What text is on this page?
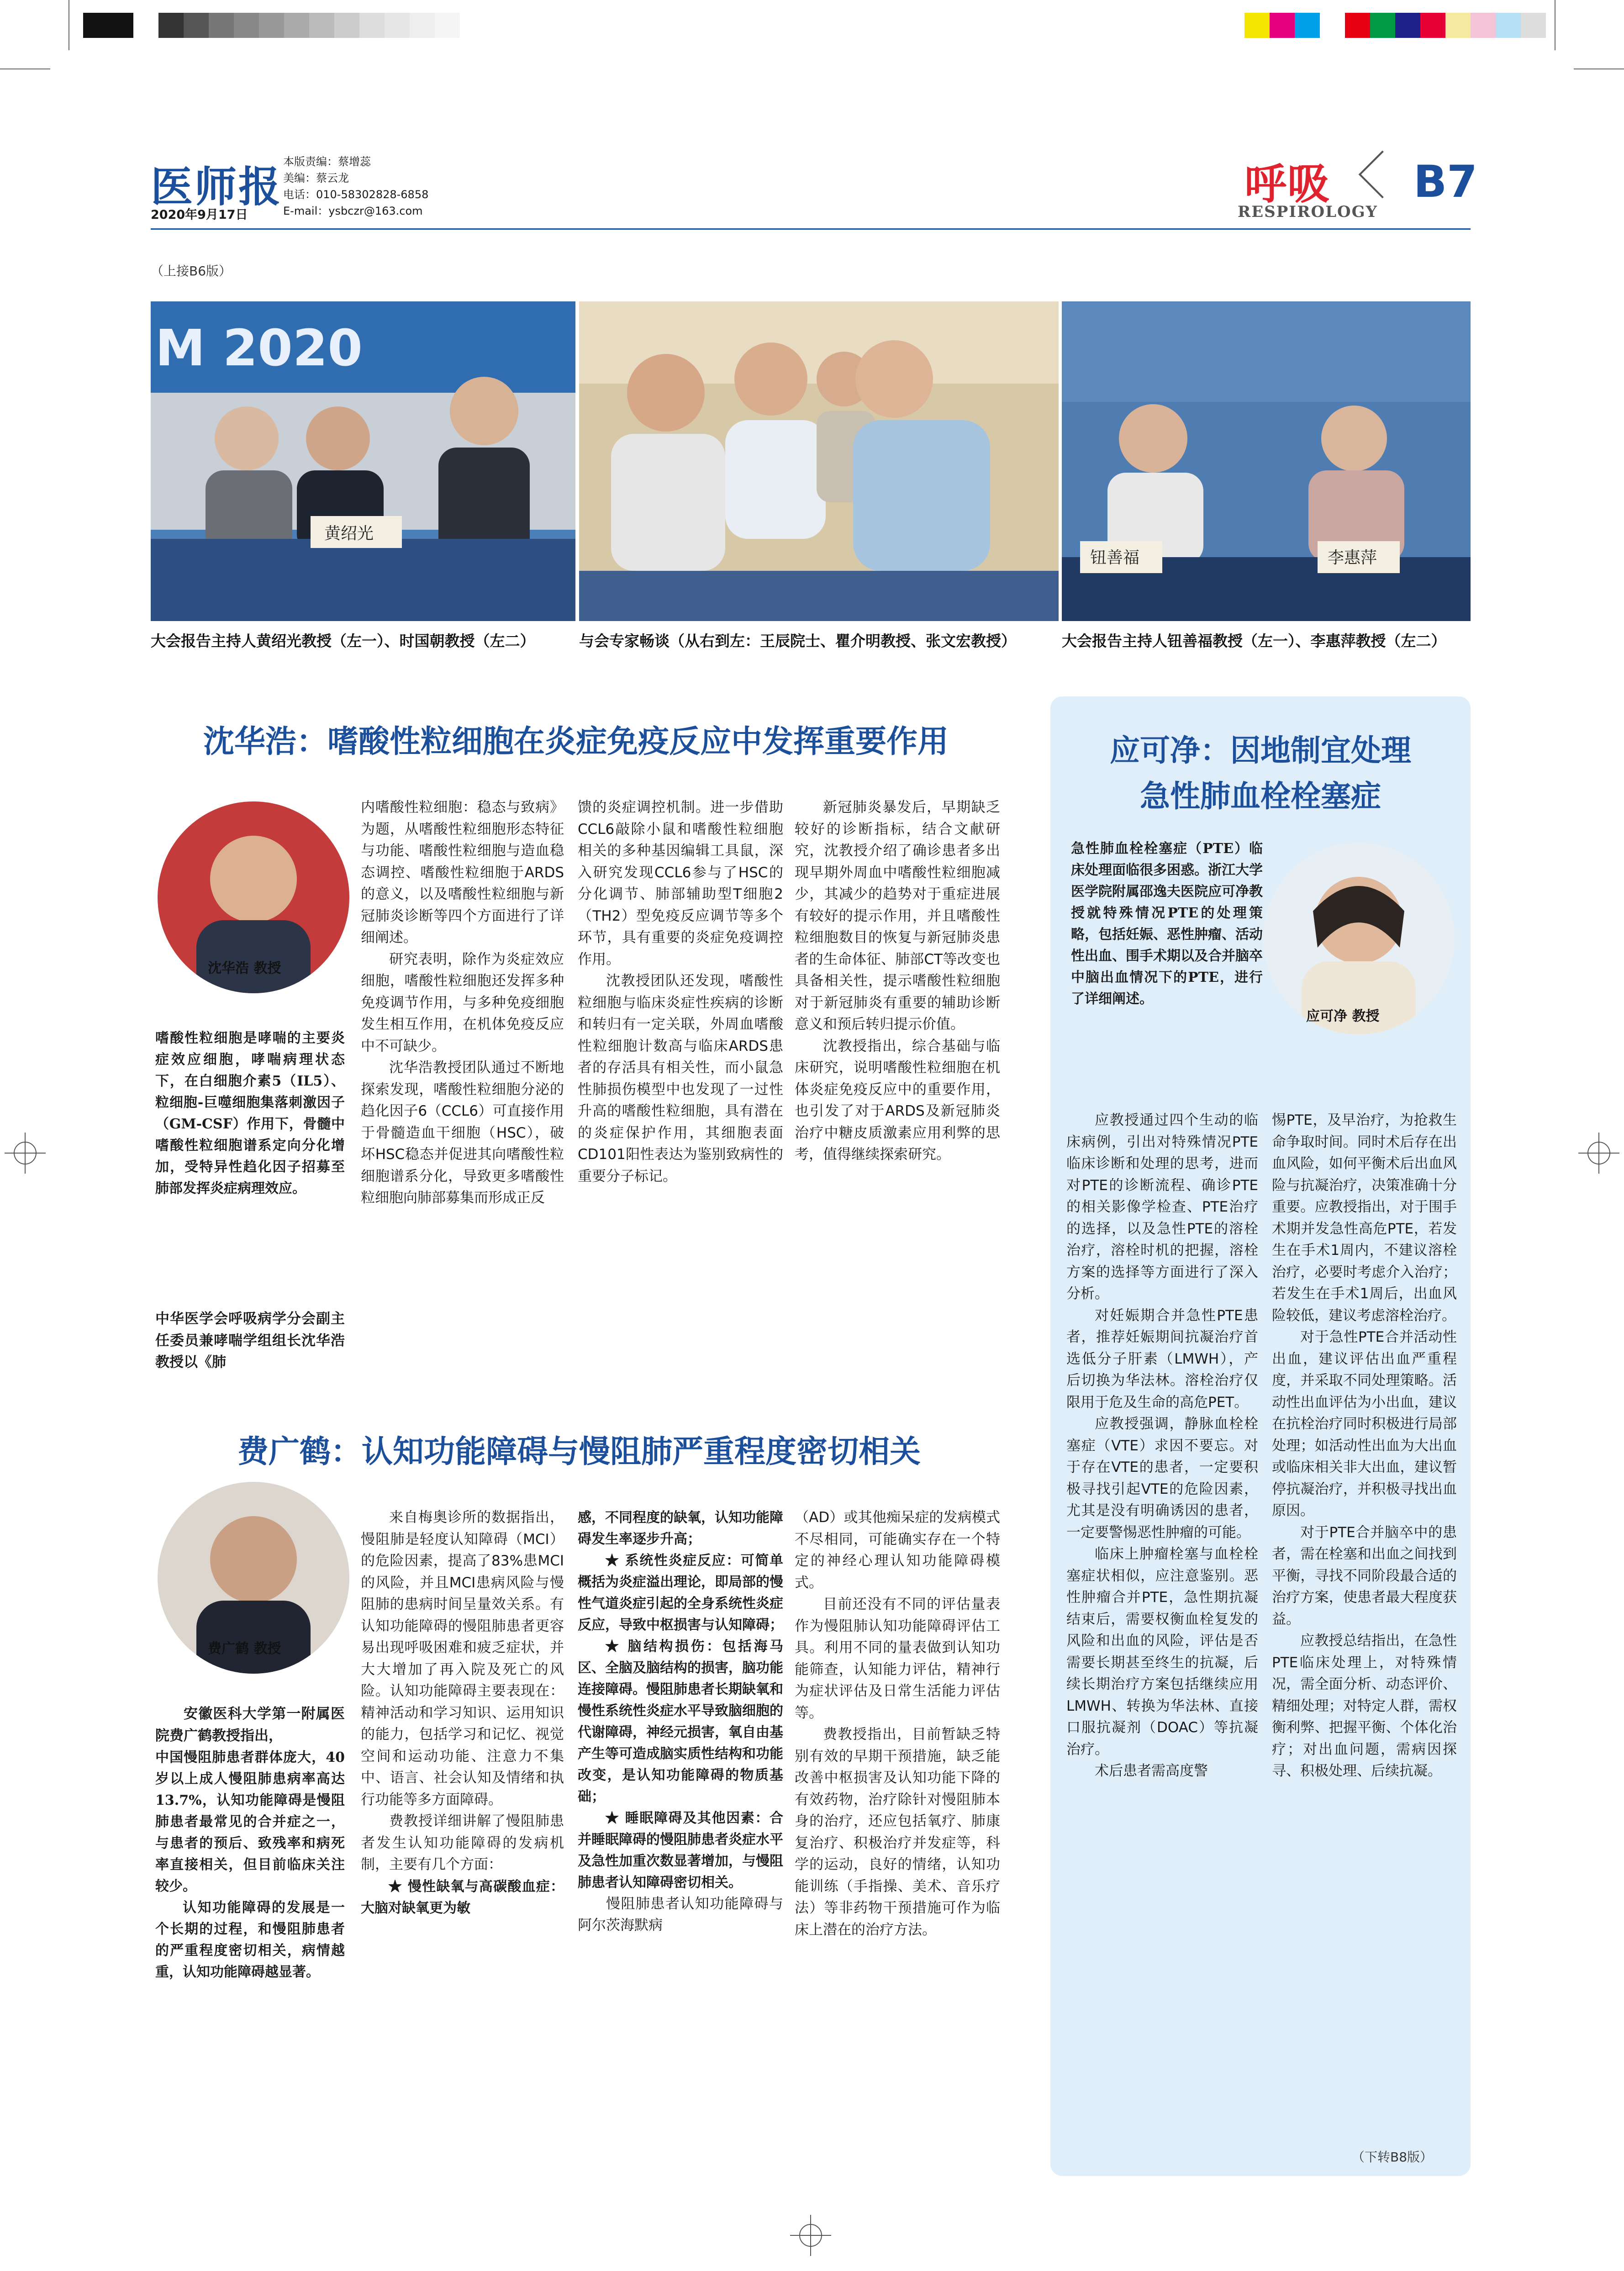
医师报
2020年9月17日
本版责编：蔡增蕊
美编：蔡云龙
电话：010-58302828-6858
E-mail：ysbczr@163.com
呼吸
RESPIROLOGY
B7
（上接B6版）
M 2020
黄绍光
钮善福	李惠萍
大会报告主持人黄绍光教授（左一）、时国朝教授（左二）	与会专家畅谈（从右到左：王辰院士、瞿介明教授、张文宏教授）	大会报告主持人钮善福教授（左一）、李惠萍教授（左二）
沈华浩：嗜酸性粒细胞在炎症免疫反应中发挥重要作用
沈华浩 教授
嗜酸性粒细胞是哮喘的主要炎症效应细胞，哮喘病理状态下，在白细胞介素5（IL5）、粒细胞-巨噬细胞集落刺激因子（GM-CSF）作用下，骨髓中嗜酸性粒细胞谱系定向分化增加，受特异性趋化因子招募至肺部发挥炎症病理效应。
中华医学会呼吸病学分会副主任委员兼哮喘学组组长沈华浩教授以《肺

内嗜酸性粒细胞：稳态与致病》为题，从嗜酸性粒细胞形态特征与功能、嗜酸性粒细胞与造血稳态调控、嗜酸性粒细胞于ARDS的意义，以及嗜酸性粒细胞与新冠肺炎诊断等四个方面进行了详细阐述。

研究表明，除作为炎症效应细胞，嗜酸性粒细胞还发挥多种免疫调节作用，与多种免疫细胞发生相互作用，在机体免疫反应中不可缺少。

沈华浩教授团队通过不断地探索发现，嗜酸性粒细胞分泌的趋化因子6（CCL6）可直接作用于骨髓造血干细胞（HSC），破坏HSC稳态并促进其向嗜酸性粒细胞谱系分化，导致更多嗜酸性粒细胞向肺部募集而形成正反

馈的炎症调控机制。进一步借助CCL6敲除小鼠和嗜酸性粒细胞相关的多种基因编辑工具鼠，深入研究发现CCL6参与了HSC的分化调节、肺部辅助型T细胞2（TH2）型免疫反应调节等多个环节，具有重要的炎症免疫调控作用。

沈教授团队还发现，嗜酸性粒细胞与临床炎症性疾病的诊断和转归有一定关联，外周血嗜酸性粒细胞计数高与临床ARDS患者的存活具有相关性，而小鼠急性肺损伤模型中也发现了一过性升高的嗜酸性粒细胞，具有潜在的炎症保护作用，其细胞表面CD101阳性表达为鉴别致病性的重要分子标记。

新冠肺炎暴发后，早期缺乏较好的诊断指标，结合文献研究，沈教授介绍了确诊患者多出现早期外周血中嗜酸性粒细胞减少，其减少的趋势对于重症进展有较好的提示作用，并且嗜酸性粒细胞数目的恢复与新冠肺炎患者的生命体征、肺部CT等改变也具备相关性，提示嗜酸性粒细胞对于新冠肺炎有重要的辅助诊断意义和预后转归提示价值。

沈教授指出，综合基础与临床研究，说明嗜酸性粒细胞在机体炎症免疫反应中的重要作用，也引发了对于ARDS及新冠肺炎治疗中糖皮质激素应用利弊的思考，值得继续探索研究。

费广鹤：认知功能障碍与慢阻肺严重程度密切相关
费广鹤 教授

安徽医科大学第一附属医院费广鹤教授指出，

中国慢阻肺患者群体庞大，40岁以上成人慢阻肺患病率高达13.7%，认知功能障碍是慢阻肺患者最常见的合并症之一，与患者的预后、致残率和病死率直接相关，但目前临床关注较少。

认知功能障碍的发展是一个长期的过程，和慢阻肺患者的严重程度密切相关，病情越重，认知功能障碍越显著。

来自梅奥诊所的数据指出，慢阻肺是轻度认知障碍（MCI）的危险因素，提高了83%患MCI的风险，并且MCI患病风险与慢阻肺的患病时间呈量效关系。有认知功能障碍的慢阻肺患者更容易出现呼吸困难和疲乏症状，并大大增加了再入院及死亡的风险。认知功能障碍主要表现在：精神活动和学习知识、运用知识的能力，包括学习和记忆、视觉空间和运动功能、注意力不集中、语言、社会认知及情绪和执行功能等多方面障碍。

费教授详细讲解了慢阻肺患者发生认知功能障碍的发病机制，主要有几个方面：

★ 慢性缺氧与高碳酸血症：大脑对缺氧更为敏

感，不同程度的缺氧，认知功能障碍发生率逐步升高；

★ 系统性炎症反应：可简单概括为炎症溢出理论，即局部的慢性气道炎症引起的全身系统性炎症反应，导致中枢损害与认知障碍；

★ 脑结构损伤：包括海马区、全脑及脑结构的损害，脑功能连接障碍。慢阻肺患者长期缺氧和慢性系统性炎症水平导致脑细胞的代谢障碍，神经元损害，氧自由基产生等可造成脑实质性结构和功能改变，是认知功能障碍的物质基础；

★ 睡眠障碍及其他因素：合并睡眠障碍的慢阻肺患者炎症水平及急性加重次数显著增加，与慢阻肺患者认知障碍密切相关。

慢阻肺患者认知功能障碍与阿尔茨海默病

（AD）或其他痴呆症的发病模式不尽相同，可能确实存在一个特定的神经心理认知功能障碍模式。

目前还没有不同的评估量表作为慢阻肺认知功能障碍评估工具。利用不同的量表做到认知功能筛查，认知能力评估，精神行为症状评估及日常生活能力评估等。

费教授指出，目前暂缺乏特别有效的早期干预措施，缺乏能改善中枢损害及认知功能下降的有效药物，治疗除针对慢阻肺本身的治疗，还应包括氧疗、肺康复治疗、积极治疗并发症等，科学的运动，良好的情绪，认知功能训练（手指操、美术、音乐疗法）等非药物干预措施可作为临床上潜在的治疗方法。

应可净：因地制宜处理
急性肺血栓栓塞症
应可净 教授
急性肺血栓栓塞症（PTE）临床处理面临很多困惑。浙江大学医学院附属邵逸夫医院应可净教授就特殊情况PTE的处理策略，包括妊娠、恶性肿瘤、活动性出血、围手术期以及合并脑卒中脑出血情况下的PTE，进行了详细阐述。

应教授通过四个生动的临床病例，引出对特殊情况PTE临床诊断和处理的思考，进而对PTE的诊断流程、确诊PTE的相关影像学检查、PTE治疗的选择，以及急性PTE的溶栓治疗，溶栓时机的把握，溶栓方案的选择等方面进行了深入分析。

对妊娠期合并急性PTE患者，推荐妊娠期间抗凝治疗首选低分子肝素（LMWH），产后切换为华法林。溶栓治疗仅限用于危及生命的高危PET。

应教授强调，静脉血栓栓塞症（VTE）求因不要忘。对于存在VTE的患者，一定要积极寻找引起VTE的危险因素，尤其是没有明确诱因的患者，一定要警惕恶性肿瘤的可能。

临床上肿瘤栓塞与血栓栓塞症状相似，应注意鉴别。恶性肿瘤合并PTE，急性期抗凝结束后，需要权衡血栓复发的风险和出血的风险，评估是否需要长期甚至终生的抗凝，后续长期治疗方案包括继续应用LMWH、转换为华法林、直接口服抗凝剂（DOAC）等抗凝治疗。

术后患者需高度警

惕PTE，及早治疗，为抢救生命争取时间。同时术后存在出血风险，如何平衡术后出血风险与抗凝治疗，决策准确十分重要。应教授指出，对于围手术期并发急性高危PTE，若发生在手术1周内，不建议溶栓治疗，必要时考虑介入治疗；若发生在手术1周后，出血风险较低，建议考虑溶栓治疗。

对于急性PTE合并活动性出血，建议评估出血严重程度，并采取不同处理策略。活动性出血评估为小出血，建议在抗栓治疗同时积极进行局部处理；如活动性出血为大出血或临床相关非大出血，建议暂停抗凝治疗，并积极寻找出血原因。

对于PTE合并脑卒中的患者，需在栓塞和出血之间找到平衡，寻找不同阶段最合适的治疗方案，使患者最大程度获益。

应教授总结指出，在急性PTE临床处理上，对特殊情况，需全面分析、动态评价、精细处理；对特定人群，需权衡利弊、把握平衡、个体化治疗；对出血问题，需病因探寻、积极处理、后续抗凝。

（下转B8版）
